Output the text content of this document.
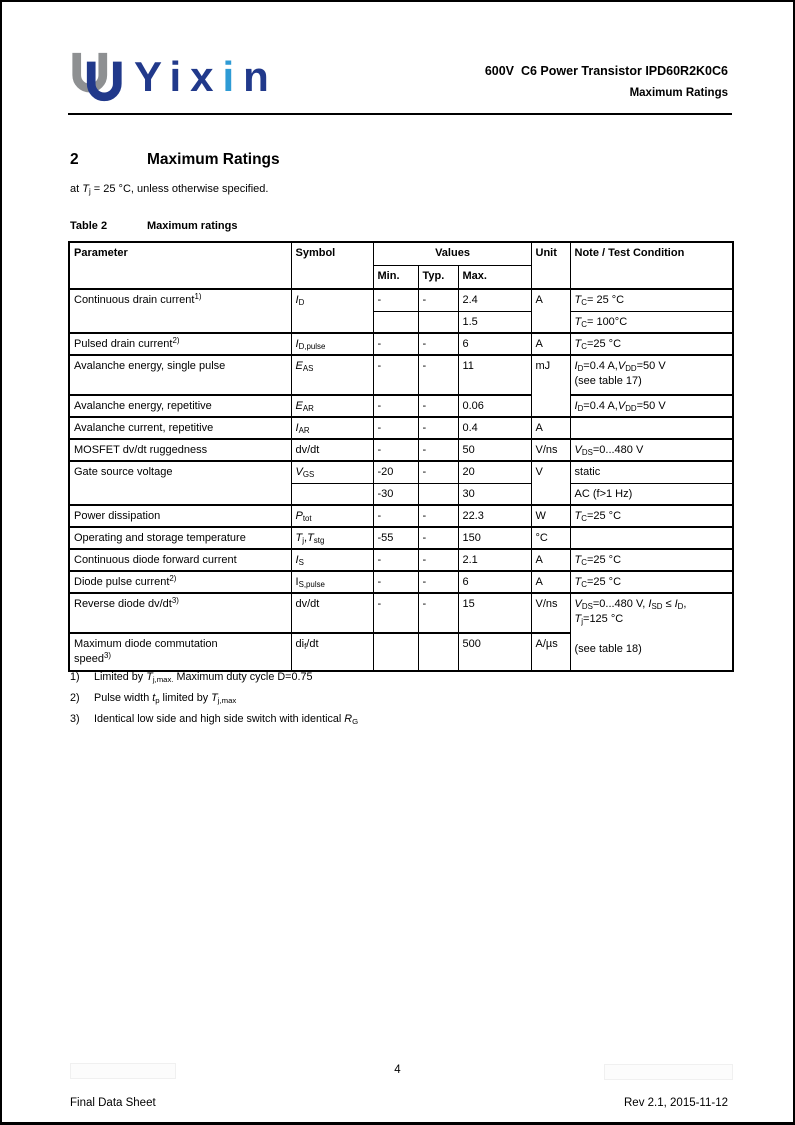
Yixin	600V  C6 Power Transistor IPD60R2K0C6
Maximum Ratings
2	Maximum Ratings
at $T_j = 25$ °C, unless otherwise specified.
Table 2	Maximum ratings
Parameter	Symbol	Values			Unit	Note / Test Condition
		Min.	Typ.	Max.		
Continuous drain current$^{1)}$	$I_D$	-	-	2.4	A	$T_C= 25$ °C
				1.5		$T_C= 100^\circ C$
Pulsed drain current$^{2)}$	$I_{D,pulse}$	-	-	6	A	$T_C=25$ °C
Avalanche energy, single pulse	$E_{AS}$	-	-	11	mJ	$I_D=0.4$ $A,V_{DD}=50$ V
(see table 17)
Avalanche energy, repetitive	$E_{AR}$	-	-	0.06		$I_D=0.4$ $A,V_{DD}=50$ V
Avalanche current, repetitive	$I_{AR}$	-	-	0.4	A	
MOSFET dv/dt ruggedness	dv/dt	-	-	50	V/ns	$V_{DS}=0...480$ V
Gate source voltage	$V_{GS}$	-20	-	20	V	static
		-30		30		AC (f>1 Hz)
Power dissipation	$P_{tot}$	-	-	22.3	W	$T_C=25$ °C
Operating and storage temperature	$T_j,T_{stg}$	-55	-	150	°C	
Continuous diode forward current	$I_S$	-	-	2.1	A	$T_C=25$ °C
Diode pulse current$^{2)}$	$I_{S,pulse}$	-	-	6	A	$T_C=25$ °C
Reverse diode $dv/dt^{3)}$	dv/dt	-	-	15	V/ns	$V_{DS}=0...480$ V, $I_{SD} \le I_D$,
$T_j=125$ °C

(see table 18)
Maximum diode commutation
speed$^{3)}$	$di_f/dt$			500	A/µs	
1)	Limited by $T_{j,max.}$ Maximum duty cycle D=0.75
2)	Pulse width $t_p$ limited by $T_{j,max}$
3)	Identical low side and high side switch with identical $R_G$
4
Final Data Sheet	Rev 2.1, 2015-11-12
